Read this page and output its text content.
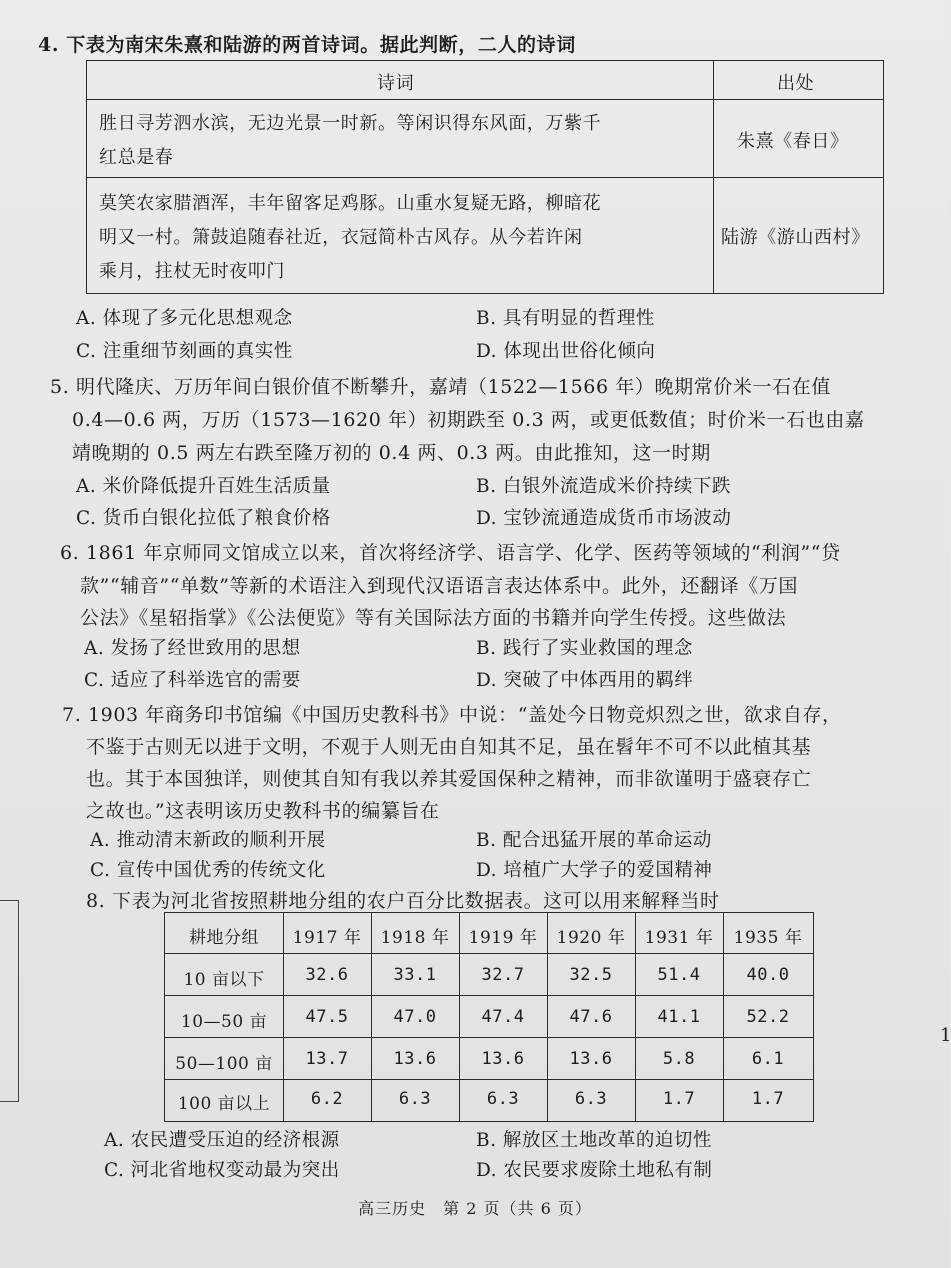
4. 下表为南宋朱熹和陆游的两首诗词。据此判断，二人的诗词
诗词	出处
胜日寻芳泗水滨，无边光景一时新。等闲识得东风面，万紫千
红总是春
朱熹《春日》
莫笑农家腊酒浑，丰年留客足鸡豚。山重水复疑无路，柳暗花
明又一村。箫鼓追随春社近，衣冠简朴古风存。从今若许闲
乘月，拄杖无时夜叩门
陆游《游山西村》
A. 体现了多元化思想观念	B. 具有明显的哲理性
C. 注重细节刻画的真实性	D. 体现出世俗化倾向
5. 明代隆庆、万历年间白银价值不断攀升，嘉靖（1522—1566 年）晚期常价米一石在值
0.4—0.6 两，万历（1573—1620 年）初期跌至 0.3 两，或更低数值；时价米一石也由嘉
靖晚期的 0.5 两左右跌至隆万初的 0.4 两、0.3 两。由此推知，这一时期
A. 米价降低提升百姓生活质量	B. 白银外流造成米价持续下跌
C. 货币白银化拉低了粮食价格	D. 宝钞流通造成货币市场波动
6. 1861 年京师同文馆成立以来，首次将经济学、语言学、化学、医药等领域的“利润”“贷
款”“辅音”“单数”等新的术语注入到现代汉语语言表达体系中。此外，还翻译《万国
公法》《星轺指掌》《公法便览》等有关国际法方面的书籍并向学生传授。这些做法
A. 发扬了经世致用的思想	B. 践行了实业救国的理念
C. 适应了科举选官的需要	D. 突破了中体西用的羁绊
7. 1903 年商务印书馆编《中国历史教科书》中说：“盖处今日物竞炽烈之世，欲求自存，
不鉴于古则无以进于文明，不观于人则无由自知其不足，虽在髫年不可不以此植其基
也。其于本国独详，则使其自知有我以养其爱国保种之精神，而非欲谨明于盛衰存亡
之故也。”这表明该历史教科书的编纂旨在
A. 推动清末新政的顺利开展	B. 配合迅猛开展的革命运动
C. 宣传中国优秀的传统文化	D. 培植广大学子的爱国精神
8. 下表为河北省按照耕地分组的农户百分比数据表。这可以用来解释当时
耕地分组	1917 年	1918 年	1919 年	1920 年	1931 年	1935 年
10 亩以下	32.6	33.1	32.7	32.5	51.4	40.0
10—50 亩	47.5	47.0	47.4	47.6	41.1	52.2
50—100 亩	13.7	13.6	13.6	13.6	5.8	6.1
100 亩以上	6.2	6.3	6.3	6.3	1.7	1.7
A. 农民遭受压迫的经济根源	B. 解放区土地改革的迫切性
C. 河北省地权变动最为突出	D. 农民要求废除土地私有制
高三历史　第 2 页（共 6 页）
1
